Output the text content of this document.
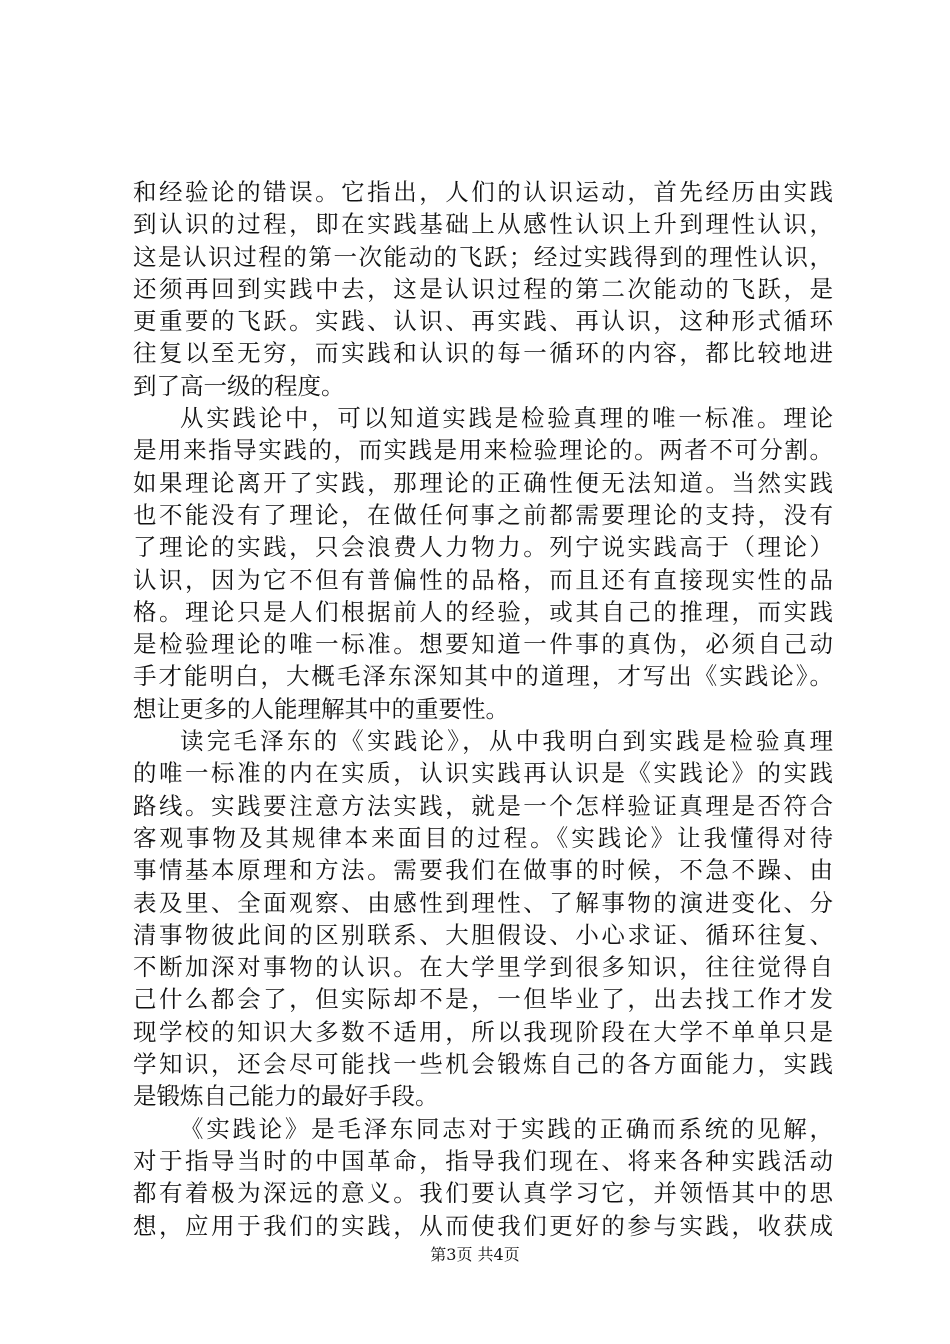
和经验论的错误。它指出，人们的认识运动，首先经历由实践
到认识的过程，即在实践基础上从感性认识上升到理性认识，
这是认识过程的第一次能动的飞跃；经过实践得到的理性认识，
还须再回到实践中去，这是认识过程的第二次能动的飞跃，是
更重要的飞跃。实践、认识、再实践、再认识，这种形式循环
往复以至无穷，而实践和认识的每一循环的内容，都比较地进
到了高一级的程度。
从实践论中，可以知道实践是检验真理的唯一标准。理论
是用来指导实践的，而实践是用来检验理论的。两者不可分割。
如果理论离开了实践，那理论的正确性便无法知道。当然实践
也不能没有了理论，在做任何事之前都需要理论的支持，没有
了理论的实践，只会浪费人力物力。列宁说实践高于（理论）
认识，因为它不但有普偏性的品格，而且还有直接现实性的品
格。理论只是人们根据前人的经验，或其自己的推理，而实践
是检验理论的唯一标准。想要知道一件事的真伪，必须自己动
手才能明白，大概毛泽东深知其中的道理，才写出《实践论》。
想让更多的人能理解其中的重要性。
读完毛泽东的《实践论》，从中我明白到实践是检验真理
的唯一标准的内在实质，认识实践再认识是《实践论》的实践
路线。实践要注意方法实践，就是一个怎样验证真理是否符合
客观事物及其规律本来面目的过程。《实践论》让我懂得对待
事情基本原理和方法。需要我们在做事的时候，不急不躁、由
表及里、全面观察、由感性到理性、了解事物的演进变化、分
清事物彼此间的区别联系、大胆假设、小心求证、循环往复、
不断加深对事物的认识。在大学里学到很多知识，往往觉得自
己什么都会了，但实际却不是，一但毕业了，出去找工作才发
现学校的知识大多数不适用，所以我现阶段在大学不单单只是
学知识，还会尽可能找一些机会锻炼自己的各方面能力，实践
是锻炼自己能力的最好手段。
《实践论》是毛泽东同志对于实践的正确而系统的见解，
对于指导当时的中国革命，指导我们现在、将来各种实践活动
都有着极为深远的意义。我们要认真学习它，并领悟其中的思
想，应用于我们的实践，从而使我们更好的参与实践，收获成
第3页 共4页
